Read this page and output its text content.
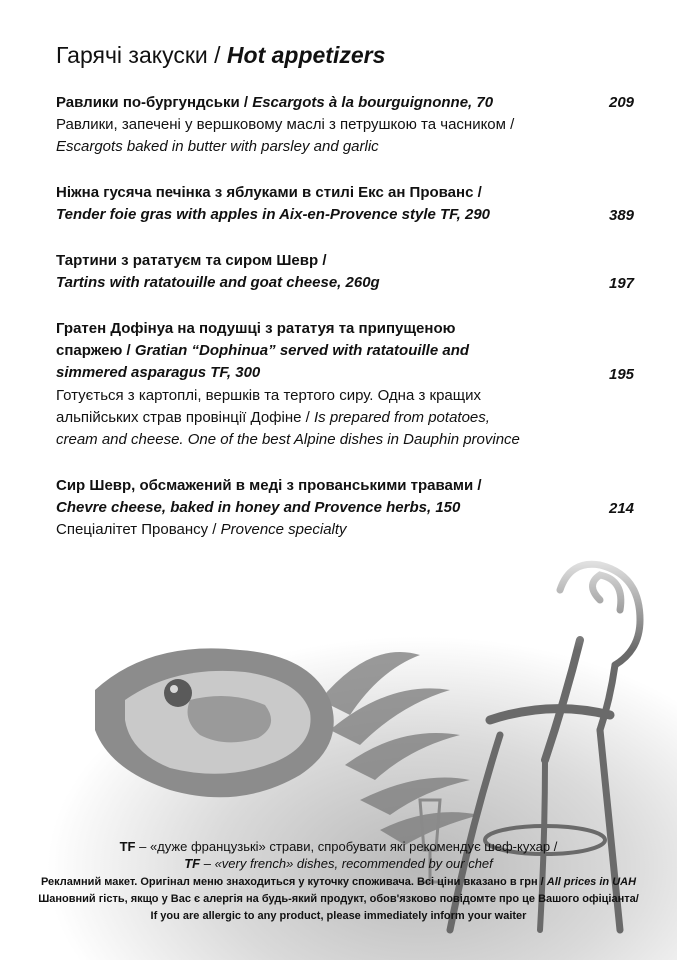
Гарячі закуски / Hot appetizers
Равлики по-бургундськи / Escargots à la bourguignonne, 70	209
Равлики, запечені у вершковому маслі з петрушкою та часником /
Escargots baked in butter with parsley and garlic
Ніжна гусяча печінка з яблуками в стилі Екс ан Прованс /
Tender foie gras with apples in Aix-en-Provence style TF, 290	389
Тартини з рататуєм та сиром Шевр /
Tartins with ratatouille and goat cheese, 260g	197
Гратен Дофінуа на подушці з рататуя та припущеною
спаржею / Gratian “Dophinua” served with ratatouille and
simmered asparagus TF, 300	195
Готується з картоплі, вершків та тертого сиру. Одна з кращих
альпійських страв провінції Дофіне / Is prepared from potatoes,
cream and cheese. One of the best Alpine dishes in Dauphin province
Сир Шевр, обсмажений в меді з прованськими травами /
Chevre cheese, baked in honey and Provence herbs, 150	214
Спеціалітет Провансу / Provence specialty
TF – «дуже французькі» страви, спробувати які рекомендує шеф-кухар /
TF – «very french» dishes, recommended by our chef
Рекламний макет. Оригінал меню знаходиться у куточку споживача. Всі ціни вказано в грн / All prices in UAH
Шановний гість, якщо у Вас є алергія на будь-який продукт, обов'язково повідомте про це Вашого офіціанта/
If you are allergic to any product, please immediately inform your waiter
